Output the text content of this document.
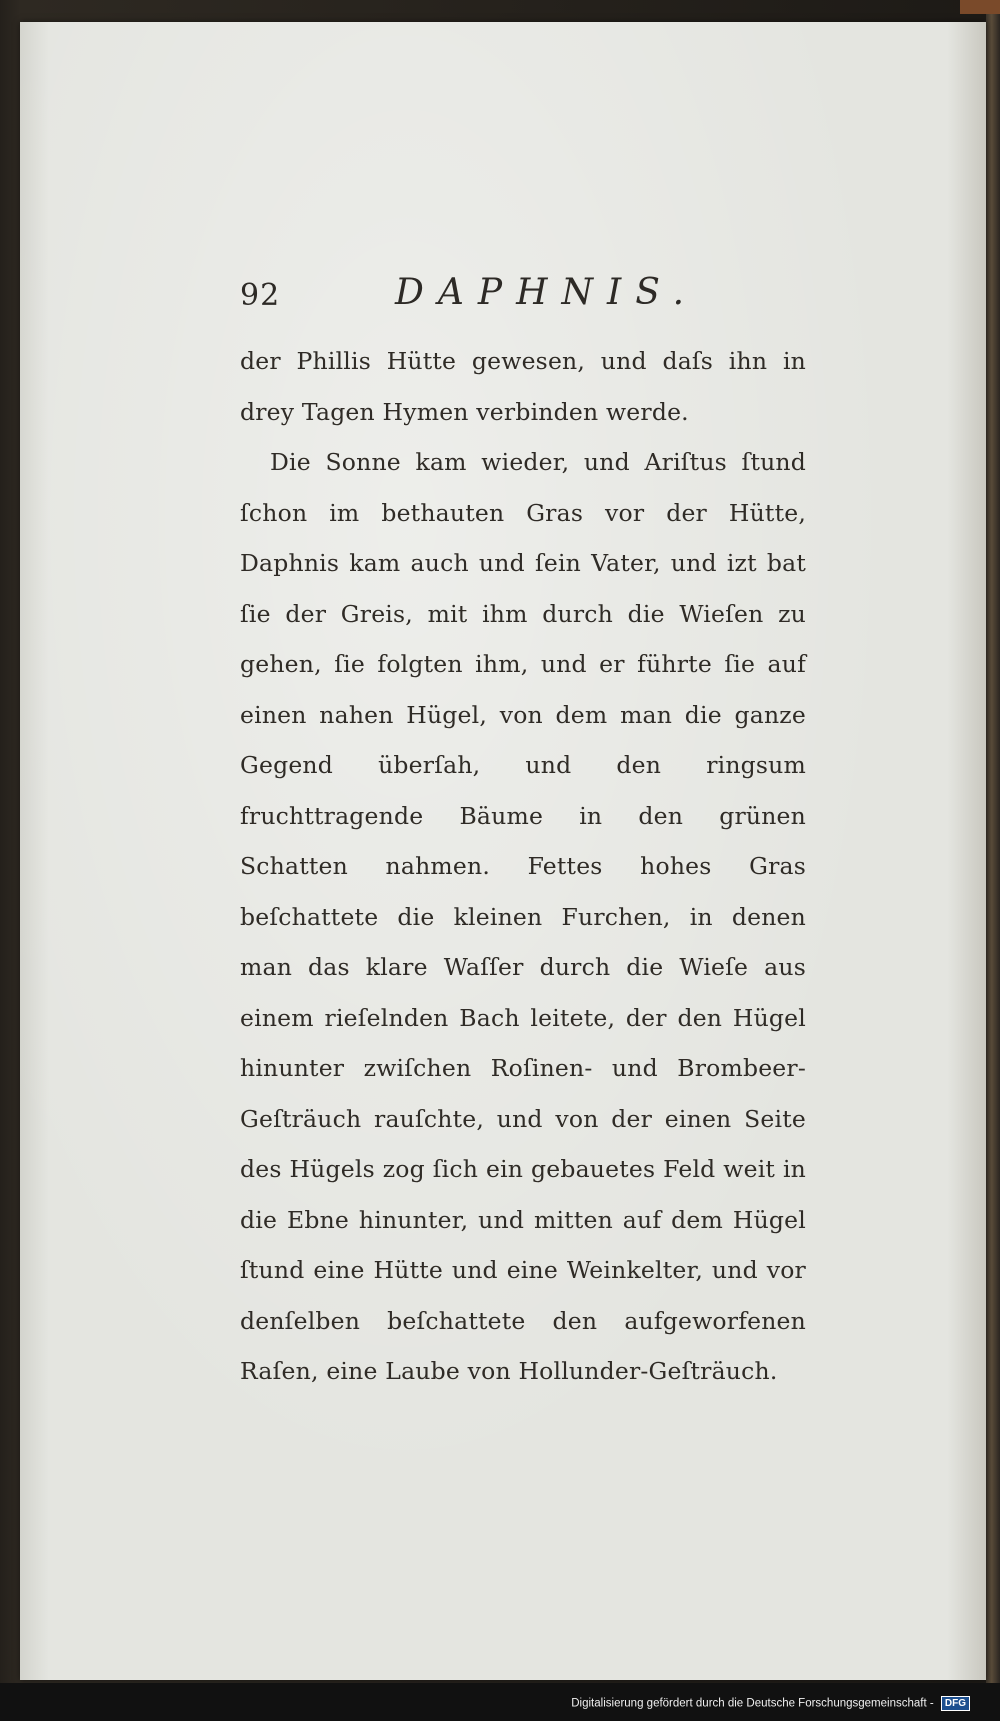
92	DAPHNIS.

der Phillis Hütte gewesen, und daſs ihn in drey Tagen Hymen verbinden werde.

Die Sonne kam wieder, und Ariſtus ſtund ſchon im bethauten Gras vor der Hütte, Daphnis kam auch und ſein Vater, und izt bat ſie der Greis, mit ihm durch die Wieſen zu gehen, ſie folgten ihm, und er führte ſie auf einen nahen Hügel, von dem man die ganze Gegend überſah, und den ringsum fruchttragende Bäume in den grünen Schatten nahmen. Fettes hohes Gras beſchattete die kleinen Furchen, in denen man das klare Waſſer durch die Wieſe aus einem rieſelnden Bach leitete, der den Hügel hinunter zwiſchen Roſinen- und Brombeer-Geſträuch rauſchte, und von der einen Seite des Hügels zog ſich ein gebauetes Feld weit in die Ebne hinunter, und mitten auf dem Hügel ſtund eine Hütte und eine Weinkelter, und vor denſelben beſchattete den aufgeworfenen Raſen, eine Laube von Hollunder-Geſträuch.

Digitalisierung gefördert durch die Deutsche Forschungsgemeinschaft - DFG
